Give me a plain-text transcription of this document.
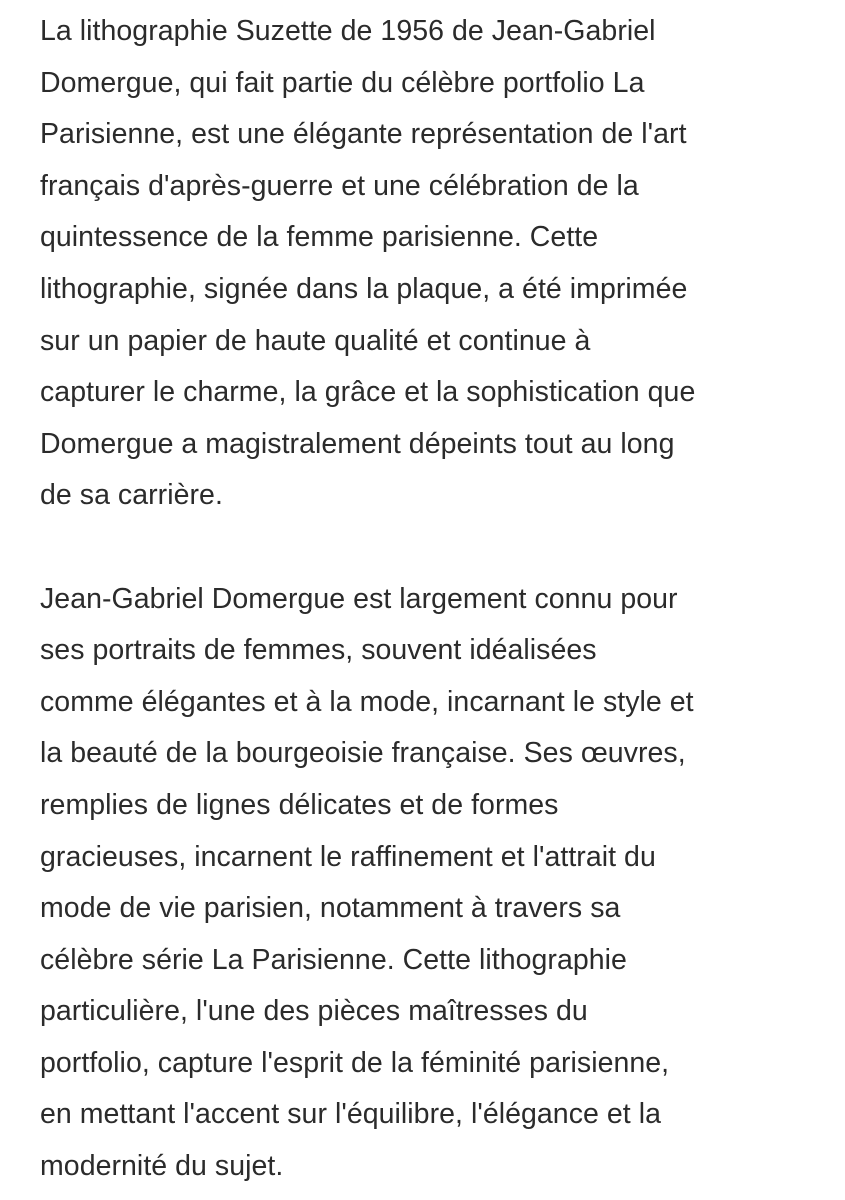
La lithographie Suzette de 1956 de Jean-Gabriel
Domergue, qui fait partie du célèbre portfolio La
Parisienne, est une élégante représentation de l'art
français d'après-guerre et une célébration de la
quintessence de la femme parisienne. Cette
lithographie, signée dans la plaque, a été imprimée
sur un papier de haute qualité et continue à
capturer le charme, la grâce et la sophistication que
Domergue a magistralement dépeints tout au long
de sa carrière.

Jean-Gabriel Domergue est largement connu pour
ses portraits de femmes, souvent idéalisées
comme élégantes et à la mode, incarnant le style et
la beauté de la bourgeoisie française. Ses œuvres,
remplies de lignes délicates et de formes
gracieuses, incarnent le raffinement et l'attrait du
mode de vie parisien, notamment à travers sa
célèbre série La Parisienne. Cette lithographie
particulière, l'une des pièces maîtresses du
portfolio, capture l'esprit de la féminité parisienne,
en mettant l'accent sur l'équilibre, l'élégance et la
modernité du sujet.
